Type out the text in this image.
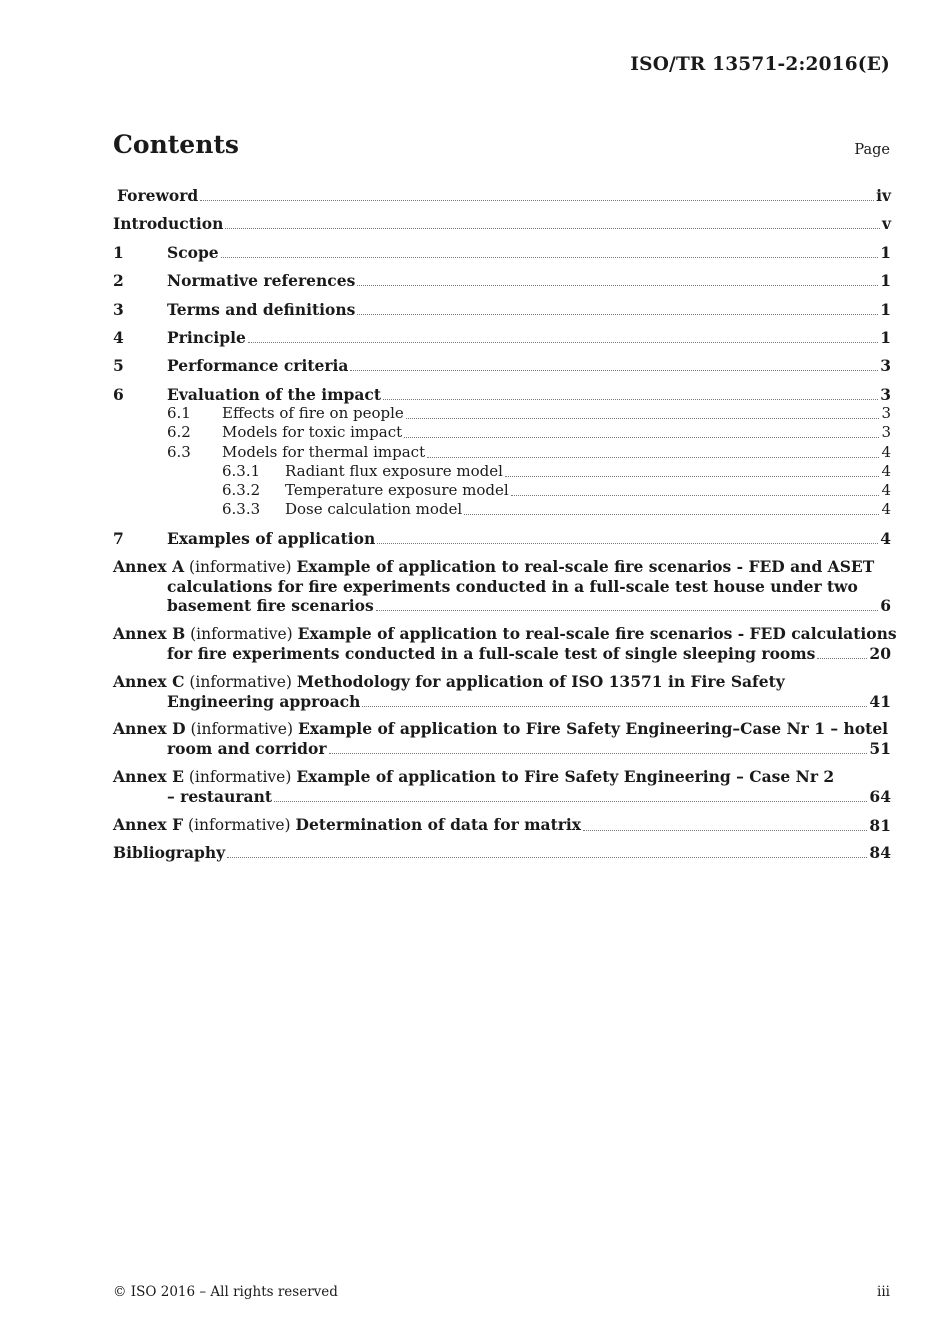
ISO/TR 13571-2:2016(E)
Contents	Page
Foreword	iv
Introduction	v
1	Scope	1
2	Normative references	1
3	Terms and definitions	1
4	Principle	1
5	Performance criteria	3
6	Evaluation of the impact	3
6.1	Effects of fire on people	3
6.2	Models for toxic impact	3
6.3	Models for thermal impact	4
6.3.1	Radiant flux exposure model	4
6.3.2	Temperature exposure model	4
6.3.3	Dose calculation model	4
7	Examples of application	4
Annex A (informative) Example of application to real-scale fire scenarios - FED and ASET
calculations for fire experiments conducted in a full-scale test house under two
basement fire scenarios	6
Annex B (informative) Example of application to real-scale fire scenarios - FED calculations
for fire experiments conducted in a full-scale test of single sleeping rooms	20
Annex C (informative) Methodology for application of ISO 13571 in Fire Safety
Engineering approach	41
Annex D (informative) Example of application to Fire Safety Engineering–Case Nr 1 – hotel
room and corridor	51
Annex E (informative) Example of application to Fire Safety Engineering – Case Nr 2
– restaurant	64
Annex F (informative) Determination of data for matrix	81
Bibliography	84
© ISO 2016 – All rights reserved	iii
